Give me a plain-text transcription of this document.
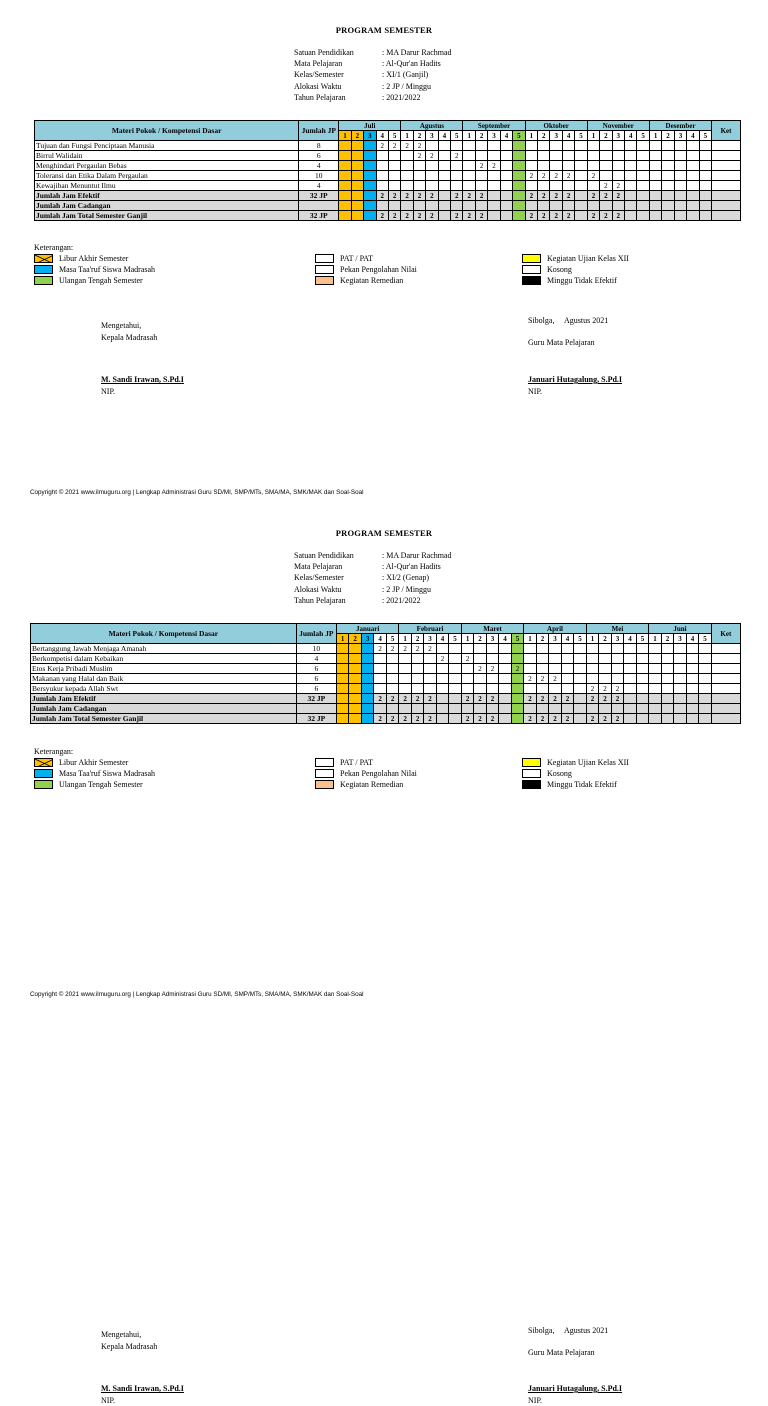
PROGRAM SEMESTER
Satuan Pendidikan	: MA Darur Rachmad
Mata Pelajaran	: Al-Qur'an Hadits
Kelas/Semester	: XI/1 (Ganjil)
Alokasi Waktu	: 2 JP / Minggu
Tahun Pelajaran	: 2021/2022
Materi Pokok / Kompetensi Dasar	Jumlah JP	Juli					Agustus					September					Oktober					November					Desember					Ket
		1	2	3	4	5	1	2	3	4	5	1	2	3	4	5	1	2	3	4	5	1	2	3	4	5	1	2	3	4	5	
Tujuan dan Fungsi Penciptaan Manusia	8				2	2	2	2																								
Birrul Walidain	6							2	2		2																					
Menghindari Pergaulan Bebas	4												2	2																		
Toleransi dan Etika Dalam Pergaulan	10																2	2	2	2		2										
Kewajiban Menuntut Ilmu	4																						2	2								
Jumlah Jam Efektif	32 JP				2	2	2	2	2		2	2	2				2	2	2	2		2	2	2								
Jumlah Jam Cadangan																																
Jumlah Jam Total Semester Ganjil	32 JP				2	2	2	2	2		2	2	2				2	2	2	2		2	2	2								
Keterangan:
Libur Akhir Semester
Masa Taa'ruf Siswa Madrasah
Ulangan Tengah Semester
PAT / PAT
Pekan Pengolahan Nilai
Kegiatan Remedian
Kegiatan Ujian Kelas XII
Kosong
Minggu Tidak Efektif
Mengetahui,
Kepala Madrasah
M. Sandi Irawan, S.Pd.I
NIP.
Sibolga,     Agustus 2021
Guru Mata Pelajaran
Januari Hutagalung, S.Pd.I
NIP.
Copyright © 2021 www.ilmuguru.org | Lengkap Administrasi Guru SD/MI, SMP/MTs, SMA/MA, SMK/MAK dan Soal-Soal
PROGRAM SEMESTER
Satuan Pendidikan	: MA Darur Rachmad
Mata Pelajaran	: Al-Qur'an Hadits
Kelas/Semester	: XI/2 (Genap)
Alokasi Waktu	: 2 JP / Minggu
Tahun Pelajaran	: 2021/2022
Materi Pokok / Kompetensi Dasar	Jumlah JP	Januari					Februari					Maret					April					Mei					Juni					Ket
		1	2	3	4	5	1	2	3	4	5	1	2	3	4	5	1	2	3	4	5	1	2	3	4	5	1	2	3	4	5	
Bertanggung Jawab Menjaga Amanah	10				2	2	2	2	2																							
Berkompetisi dalam Kebaikan	4									2		2																				
Etos Kerja Pribadi Muslim	6												2	2		2																
Makanan yang Halal dan Baik	6																2	2	2													
Bersyukur kepada Allah Swt	6																					2	2	2								
Jumlah Jam Efektif	32 JP				2	2	2	2	2			2	2	2			2	2	2	2		2	2	2								
Jumlah Jam Cadangan																																
Jumlah Jam Total Semester Ganjil	32 JP				2	2	2	2	2			2	2	2			2	2	2	2		2	2	2								
Keterangan:
Libur Akhir Semester
Masa Taa'ruf Siswa Madrasah
Ulangan Tengah Semester
PAT / PAT
Pekan Pengolahan Nilai
Kegiatan Remedian
Kegiatan Ujian Kelas XII
Kosong
Minggu Tidak Efektif
Mengetahui,
Kepala Madrasah
M. Sandi Irawan, S.Pd.I
NIP.
Sibolga,     Agustus 2021
Guru Mata Pelajaran
Januari Hutagalung, S.Pd.I
NIP.
Copyright © 2021 www.ilmuguru.org | Lengkap Administrasi Guru SD/MI, SMP/MTs, SMA/MA, SMK/MAK dan Soal-Soal
